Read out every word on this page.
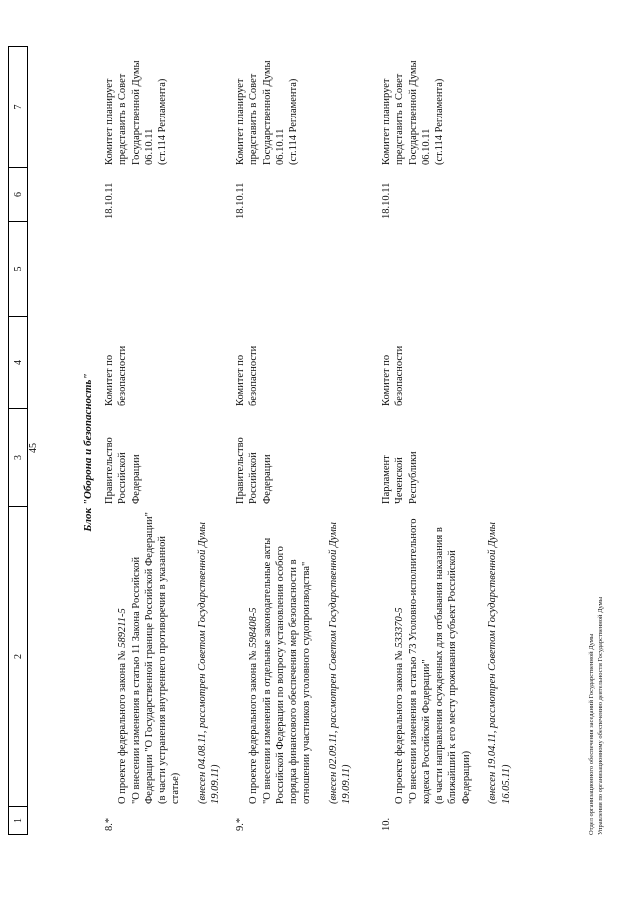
45
1
2
3
4
5
6
7
Блок "Оборона и безопасность"
8.*

О проекте федерального закона № 589211-5

"О внесении изменения в статью 11 Закона Российской Федерации "О Государственной границе Российской Федерации"
(в части устранения внутреннего противоречия в указанной статье) (внесен 04.08.11, рассмотрен Советом Государственной Думы 19.09.11)

Правительство Российской Федерации
Комитет по безопасности
18.10.11
Комитет планирует представить в Совет Государственной Думы 06.10.11
(ст.114 Регламента)
9.*

О проекте федерального закона № 598408-5 "О внесении изменений в отдельные законодательные акты Российской Федерации по вопросу установления особого порядка финансового обеспечения мер безопасности в отношении участников уголовного судопроизводства" (внесен 02.09.11, рассмотрен Советом Государственной Думы 19.09.11)

Правительство Российской Федерации
Комитет по безопасности
18.10.11
Комитет планирует представить в Совет Государственной Думы 06.10.11
(ст.114 Регламента)
10.

О проекте федерального закона № 533370-5

"О внесении изменения в статью 73 Уголовно-исполнительного кодекса Российской Федерации"
(в части направления осужденных для отбывания наказания в ближайший к его месту проживания субъект Российской Федерации) (внесен 19.04.11, рассмотрен Советом Государственной Думы 16.05.11)

Парламент Чеченской Республики
Комитет по безопасности
18.10.11
Комитет планирует представить в Совет Государственной Думы 06.10.11
(ст.114 Регламента)
Отдел организационного обеспечения заседаний Государственной Думы Управления по организационному обеспечению деятельности Государственной Думы
